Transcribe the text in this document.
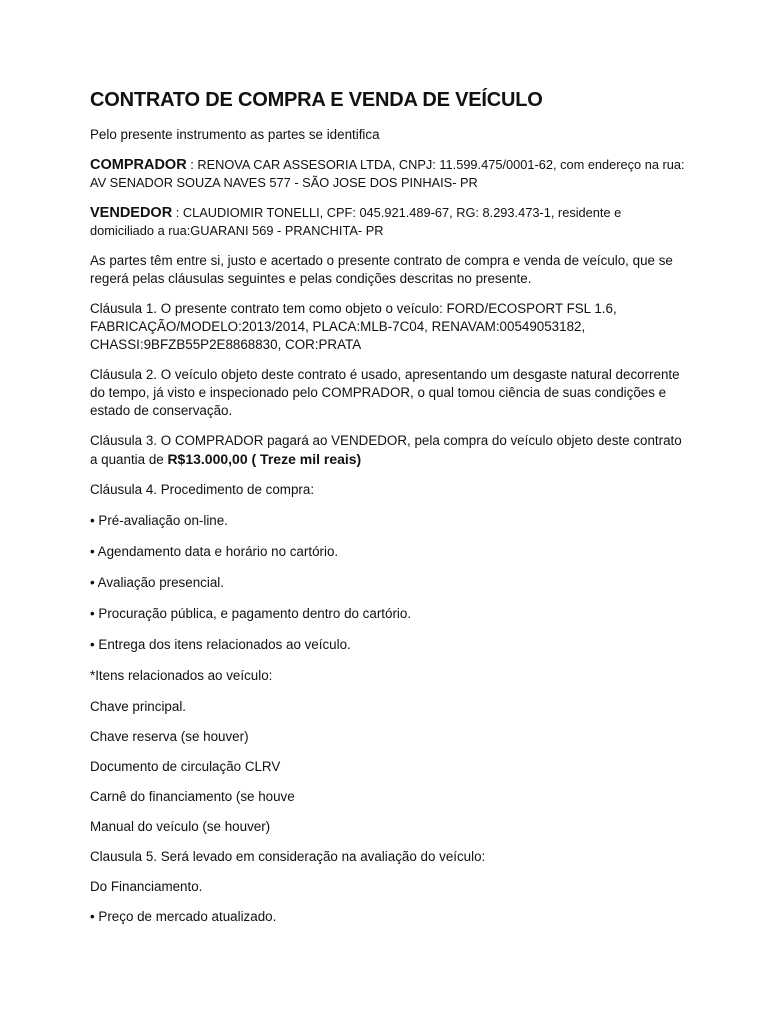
CONTRATO DE COMPRA E VENDA DE VEÍCULO

Pelo presente instrumento as partes se identifica

COMPRADOR : RENOVA CAR ASSESORIA LTDA, CNPJ: 11.599.475/0001-62, com endereço na rua: AV SENADOR SOUZA NAVES 577 - SÃO JOSE DOS PINHAIS- PR

VENDEDOR : CLAUDIOMIR TONELLI, CPF: 045.921.489-67, RG: 8.293.473-1, residente e domiciliado a rua:GUARANI 569 - PRANCHITA- PR

As partes têm entre si, justo e acertado o presente contrato de compra e venda de veículo, que se regerá pelas cláusulas seguintes e pelas condições descritas no presente.

Cláusula 1. O presente contrato tem como objeto o veículo: FORD/ECOSPORT FSL 1.6, FABRICAÇÃO/MODELO:2013/2014, PLACA:MLB-7C04, RENAVAM:00549053182, CHASSI:9BFZB55P2E8868830, COR:PRATA

Cláusula 2. O veículo objeto deste contrato é usado, apresentando um desgaste natural decorrente do tempo, já visto e inspecionado pelo COMPRADOR, o qual tomou ciência de suas condições e estado de conservação.

Cláusula 3. O COMPRADOR pagará ao VENDEDOR, pela compra do veículo objeto deste contrato a quantia de R$13.000,00 ( Treze mil reais)

Cláusula 4. Procedimento de compra:

• Pré-avaliação on-line.

• Agendamento data e horário no cartório.

• Avaliação presencial.

• Procuração pública, e pagamento dentro do cartório.

• Entrega dos itens relacionados ao veículo.

*Itens relacionados ao veículo:

Chave principal.

Chave reserva (se houver)

Documento de circulação CLRV

Carnê do financiamento (se houve

Manual do veículo (se houver)

Clausula 5. Será levado em consideração na avaliação do veículo:

Do Financiamento.

• Preço de mercado atualizado.
